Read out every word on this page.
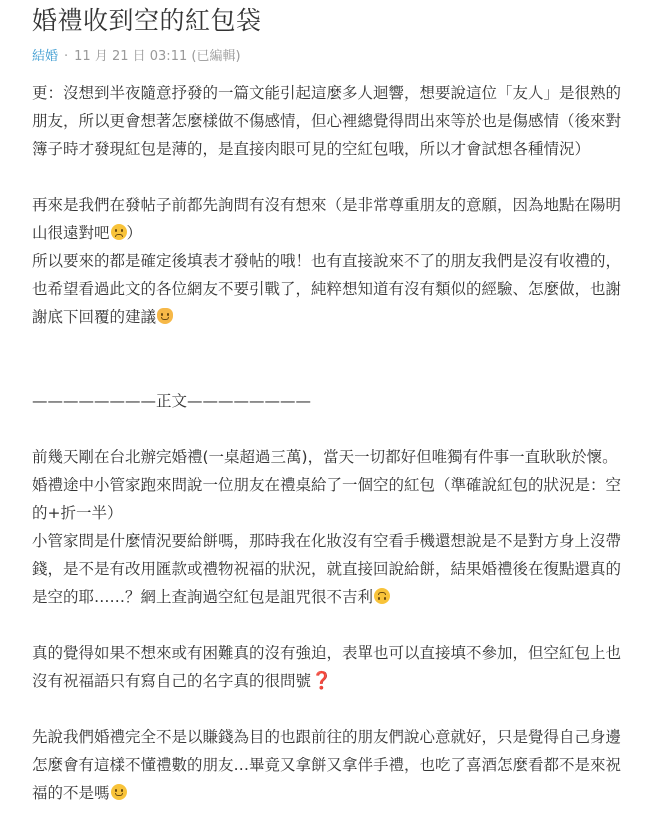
婚禮收到空的紅包袋
結婚 · 11 月 21 日 03:11 (已編輯)

更：沒想到半夜隨意抒發的一篇文能引起這麼多人迴響，想要說這位「友人」是很熟的
朋友，所以更會想著怎麼樣做不傷感情，但心裡總覺得問出來等於也是傷感情（後來對
簿子時才發現紅包是薄的，是直接肉眼可見的空紅包哦，所以才會試想各種情況）

再來是我們在發帖子前都先詢問有沒有想來（是非常尊重朋友的意願，因為地點在陽明
山很遠對吧 ）
所以要來的都是確定後填表才發帖的哦！也有直接說來不了的朋友我們是沒有收禮的，
也希望看過此文的各位網友不要引戰了，純粹想知道有沒有類似的經驗、怎麼做，也謝
謝底下回覆的建議

————————正文————————

前幾天剛在台北辦完婚禮(一桌超過三萬)，當天一切都好但唯獨有件事一直耿耿於懷。
婚禮途中小管家跑來問說一位朋友在禮桌給了一個空的紅包（準確說紅包的狀況是：空
的+折一半）
小管家問是什麼情況要給餅嗎，那時我在化妝沒有空看手機還想說是不是對方身上沒帶
錢，是不是有改用匯款或禮物祝福的狀況，就直接回說給餅，結果婚禮後在復點還真的
是空的耶……？網上查詢過空紅包是詛咒很不吉利

真的覺得如果不想來或有困難真的沒有強迫，表單也可以直接填不參加，但空紅包上也
沒有祝福語只有寫自己的名字真的很問號❓

先說我們婚禮完全不是以賺錢為目的也跟前往的朋友們說心意就好，只是覺得自己身邊
怎麼會有這樣不懂禮數的朋友…畢竟又拿餅又拿伴手禮，也吃了喜酒怎麼看都不是來祝
福的不是嗎
